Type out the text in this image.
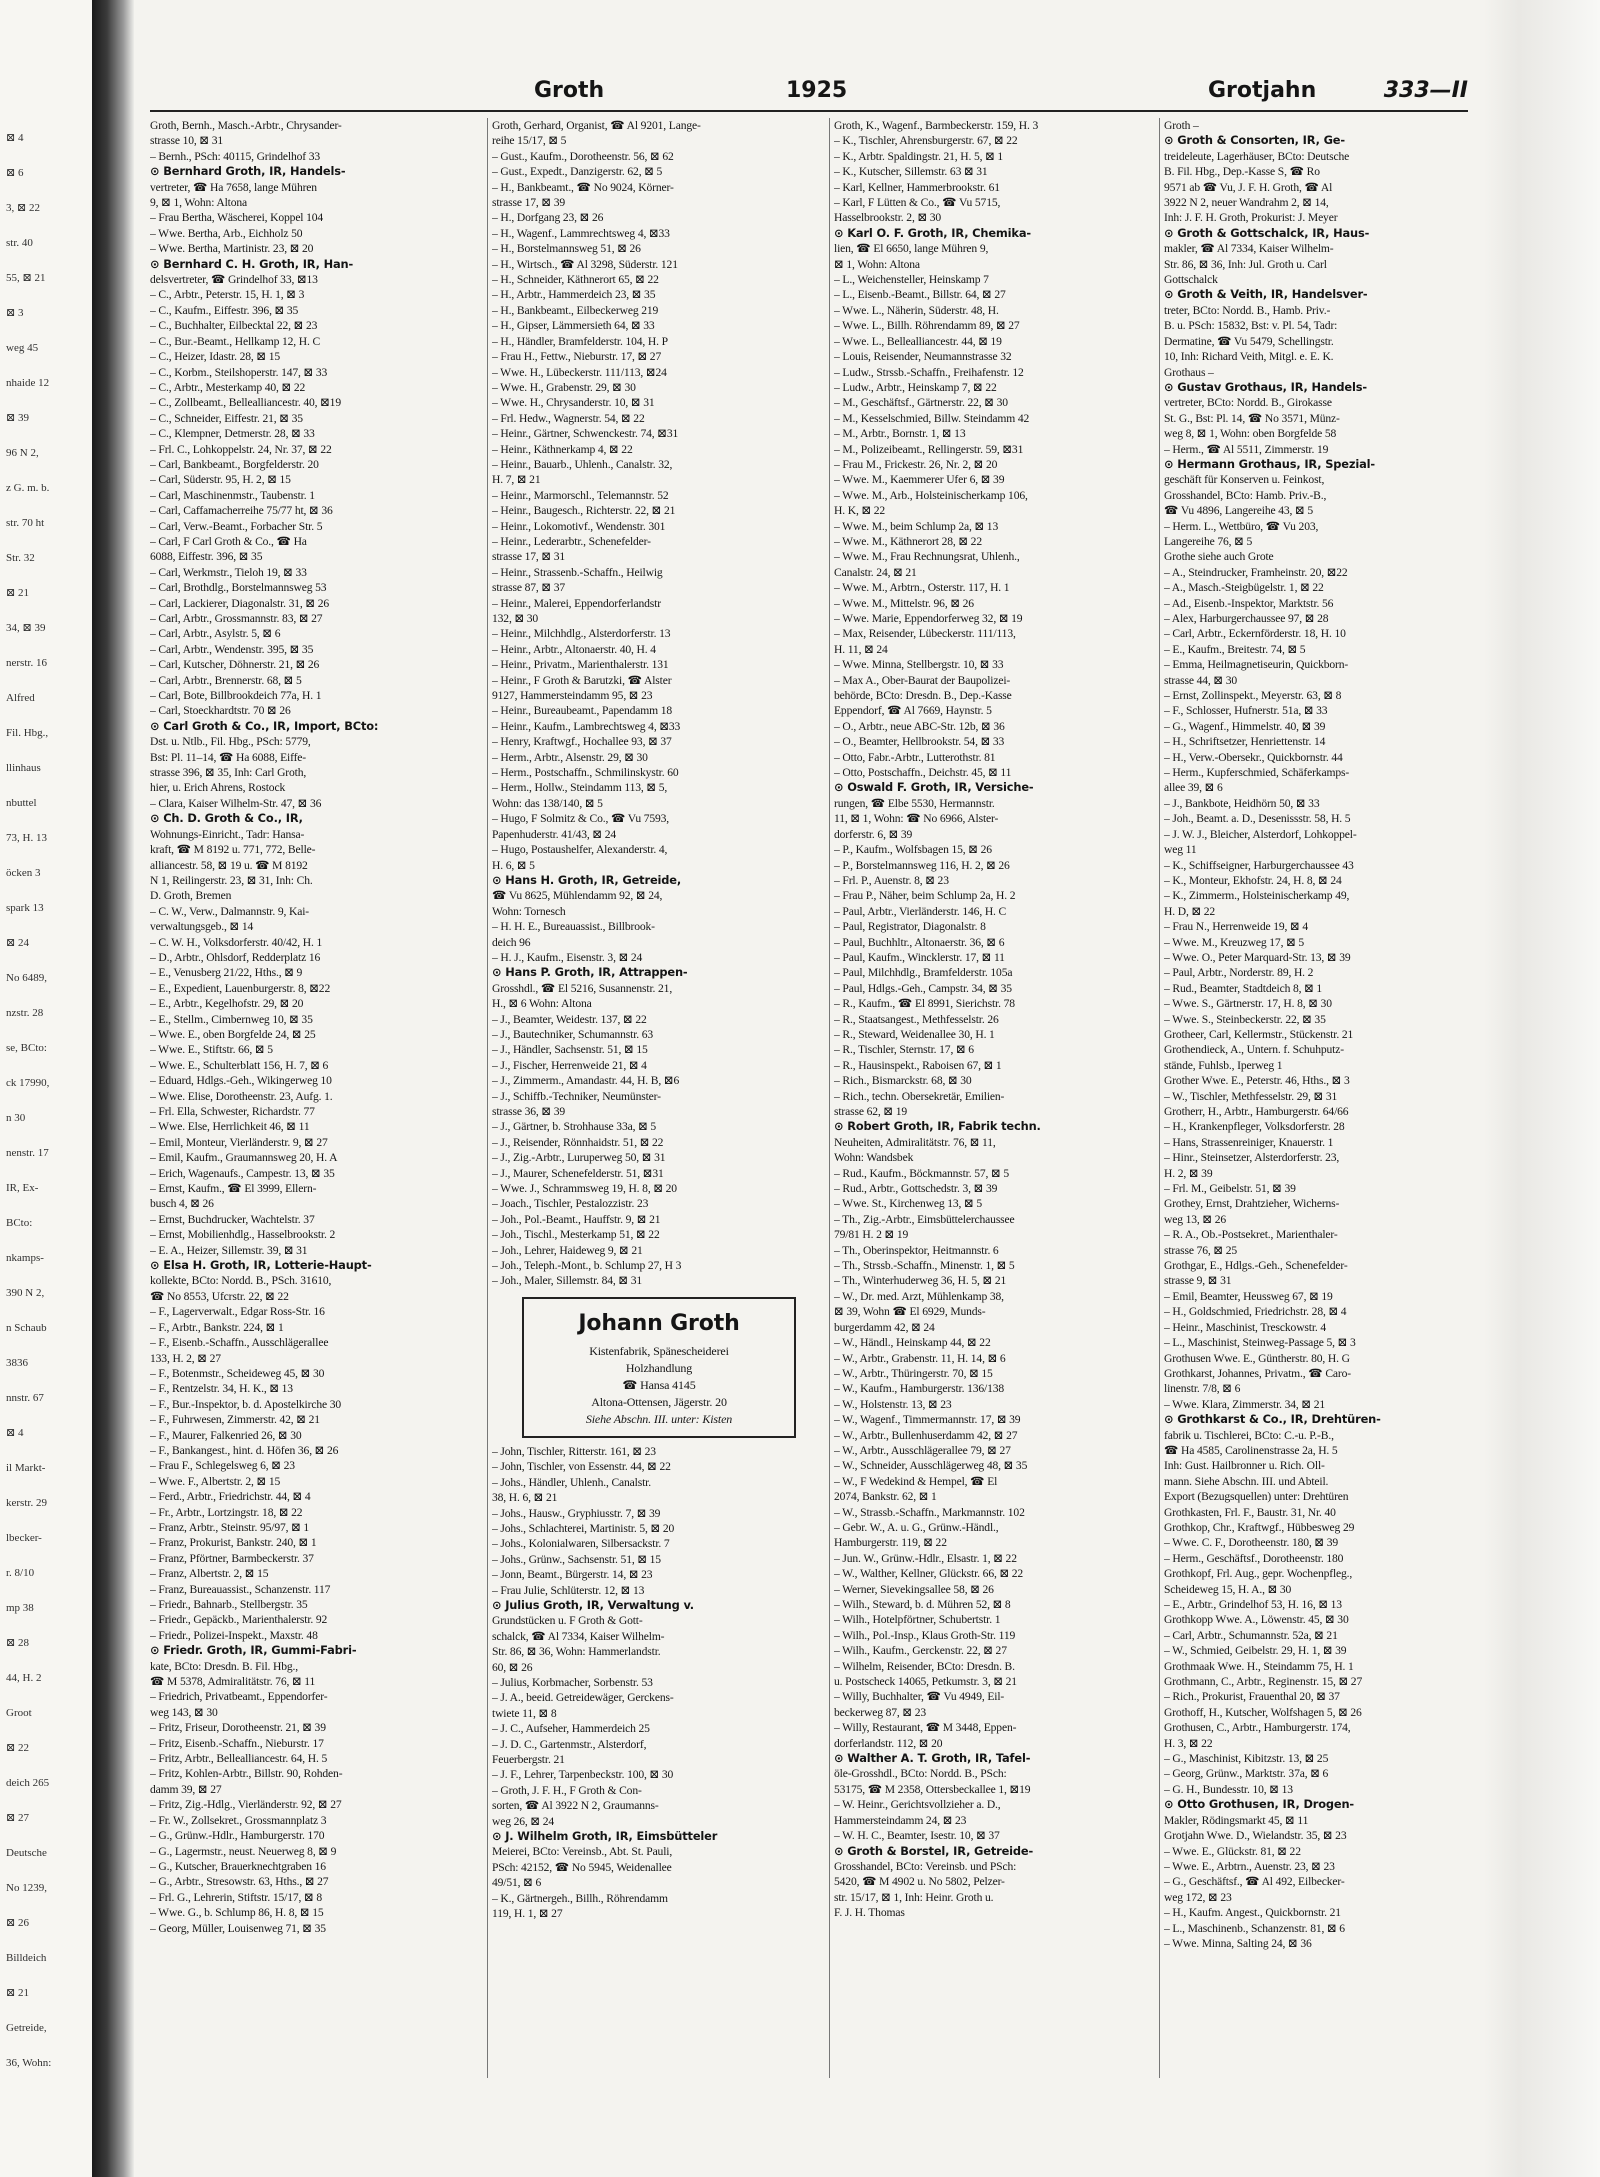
⊠ 4
⊠ 6
3, ⊠ 22
str. 40
55, ⊠ 21
⊠ 3
weg 45
nhaide 12
⊠ 39
96 N 2,
z G. m. b.
str. 70 ht
Str. 32
⊠ 21
34, ⊠ 39
nerstr. 16
Alfred
Fil. Hbg.,
llinhaus
nbuttel
73, H. 13
öcken 3
spark 13
⊠ 24
No 6489,
nzstr. 28
se, BCto:
ck 17990,
n 30
nenstr. 17
IR, Ex-
BCto:
nkamps-
390 N 2,
n Schaub
3836
nnstr. 67
⊠ 4
il Markt-
kerstr. 29
lbecker-
r. 8/10
mp 38
⊠ 28
44, H. 2
Groot
⊠ 22
deich 265
⊠ 27
Deutsche
No 1239,
⊠ 26
Billdeich
⊠ 21
Getreide,
36, Wohn:
Groth	1925	Grotjahn	333—II
Groth, Bernh., Masch.-Arbtr., Chrysander-
strasse 10, ⊠ 31
– Bernh., PSch: 40115, Grindelhof 33
⊙ Bernhard Groth, IR, Handels-
vertreter, ☎ Ha 7658, lange Mühren
9, ⊠ 1, Wohn: Altona
– Frau Bertha, Wäscherei, Koppel 104
– Wwe. Bertha, Arb., Eichholz 50
– Wwe. Bertha, Martinistr. 23, ⊠ 20
⊙ Bernhard C. H. Groth, IR, Han-
delsvertreter, ☎ Grindelhof 33, ⊠13
– C., Arbtr., Peterstr. 15, H. 1, ⊠ 3
– C., Kaufm., Eiffestr. 396, ⊠ 35
– C., Buchhalter, Eilbecktal 22, ⊠ 23
– C., Bur.-Beamt., Hellkamp 12, H. C
– C., Heizer, Idastr. 28, ⊠ 15
– C., Korbm., Steilshoperstr. 147, ⊠ 33
– C., Arbtr., Mesterkamp 40, ⊠ 22
– C., Zollbeamt., Bellealliancestr. 40, ⊠19
– C., Schneider, Eiffestr. 21, ⊠ 35
– C., Klempner, Detmerstr. 28, ⊠ 33
– Frl. C., Lohkoppelstr. 24, Nr. 37, ⊠ 22
– Carl, Bankbeamt., Borgfelderstr. 20
– Carl, Süderstr. 95, H. 2, ⊠ 15
– Carl, Maschinenmstr., Taubenstr. 1
– Carl, Caffamacherreihe 75/77 ht, ⊠ 36
– Carl, Verw.-Beamt., Forbacher Str. 5
– Carl, F Carl Groth & Co., ☎ Ha
6088, Eiffestr. 396, ⊠ 35
– Carl, Werkmstr., Tieloh 19, ⊠ 33
– Carl, Brothdlg., Borstelmannsweg 53
– Carl, Lackierer, Diagonalstr. 31, ⊠ 26
– Carl, Arbtr., Grossmannstr. 83, ⊠ 27
– Carl, Arbtr., Asylstr. 5, ⊠ 6
– Carl, Arbtr., Wendenstr. 395, ⊠ 35
– Carl, Kutscher, Döhnerstr. 21, ⊠ 26
– Carl, Arbtr., Brennerstr. 68, ⊠ 5
– Carl, Bote, Billbrookdeich 77a, H. 1
– Carl, Stoeckhardtstr. 70 ⊠ 26
⊙ Carl Groth & Co., IR, Import, BCto:
Dst. u. Ntlb., Fil. Hbg., PSch: 5779,
Bst: Pl. 11–14, ☎ Ha 6088, Eiffe-
strasse 396, ⊠ 35, Inh: Carl Groth,
hier, u. Erich Ahrens, Rostock
– Clara, Kaiser Wilhelm-Str. 47, ⊠ 36
⊙ Ch. D. Groth & Co., IR,
Wohnungs-Einricht., Tadr: Hansa-
kraft, ☎ M 8192 u. 771, 772, Belle-
alliancestr. 58, ⊠ 19 u. ☎ M 8192
N 1, Reilingerstr. 23, ⊠ 31, Inh: Ch.
D. Groth, Bremen
– C. W., Verw., Dalmannstr. 9, Kai-
verwaltungsgeb., ⊠ 14
– C. W. H., Volksdorferstr. 40/42, H. 1
– D., Arbtr., Ohlsdorf, Redderplatz 16
– E., Venusberg 21/22, Hths., ⊠ 9
– E., Expedient, Lauenburgerstr. 8, ⊠22
– E., Arbtr., Kegelhofstr. 29, ⊠ 20
– E., Stellm., Cimbernweg 10, ⊠ 35
– Wwe. E., oben Borgfelde 24, ⊠ 25
– Wwe. E., Stiftstr. 66, ⊠ 5
– Wwe. E., Schulterblatt 156, H. 7, ⊠ 6
– Eduard, Hdlgs.-Geh., Wikingerweg 10
– Wwe. Elise, Dorotheenstr. 23, Aufg. 1.
– Frl. Ella, Schwester, Richardstr. 77
– Wwe. Else, Herrlichkeit 46, ⊠ 11
– Emil, Monteur, Vierländerstr. 9, ⊠ 27
– Emil, Kaufm., Graumannsweg 20, H. A
– Erich, Wagenaufs., Campestr. 13, ⊠ 35
– Ernst, Kaufm., ☎ El 3999, Ellern-
busch 4, ⊠ 26
– Ernst, Buchdrucker, Wachtelstr. 37
– Ernst, Mobilienhdlg., Hasselbrookstr. 2
– E. A., Heizer, Sillemstr. 39, ⊠ 31
⊙ Elsa H. Groth, IR, Lotterie-Haupt-
kollekte, BCto: Nordd. B., PSch. 31610,
☎ No 8553, Ufcrstr. 22, ⊠ 22
– F., Lagerverwalt., Edgar Ross-Str. 16
– F., Arbtr., Bankstr. 224, ⊠ 1
– F., Eisenb.-Schaffn., Ausschlägerallee
133, H. 2, ⊠ 27
– F., Botenmstr., Scheideweg 45, ⊠ 30
– F., Rentzelstr. 34, H. K., ⊠ 13
– F., Bur.-Inspektor, b. d. Apostelkirche 30
– F., Fuhrwesen, Zimmerstr. 42, ⊠ 21
– F., Maurer, Falkenried 26, ⊠ 30
– F., Bankangest., hint. d. Höfen 36, ⊠ 26
– Frau F., Schlegelsweg 6, ⊠ 23
– Wwe. F., Albertstr. 2, ⊠ 15
– Ferd., Arbtr., Friedrichstr. 44, ⊠ 4
– Fr., Arbtr., Lortzingstr. 18, ⊠ 22
– Franz, Arbtr., Steinstr. 95/97, ⊠ 1
– Franz, Prokurist, Bankstr. 240, ⊠ 1
– Franz, Pförtner, Barmbeckerstr. 37
– Franz, Albertstr. 2, ⊠ 15
– Franz, Bureauassist., Schanzenstr. 117
– Friedr., Bahnarb., Stellbergstr. 35
– Friedr., Gepäckb., Marienthalerstr. 92
– Friedr., Polizei-Inspekt., Maxstr. 48
⊙ Friedr. Groth, IR, Gummi-Fabri-
kate, BCto: Dresdn. B. Fil. Hbg.,
☎ M 5378, Admiralitätstr. 76, ⊠ 11
– Friedrich, Privatbeamt., Eppendorfer-
weg 143, ⊠ 30
– Fritz, Friseur, Dorotheenstr. 21, ⊠ 39
– Fritz, Eisenb.-Schaffn., Nieburstr. 17
– Fritz, Arbtr., Bellealliancestr. 64, H. 5
– Fritz, Kohlen-Arbtr., Billstr. 90, Rohden-
damm 39, ⊠ 27
– Fritz, Zig.-Hdlg., Vierländerstr. 92, ⊠ 27
– Fr. W., Zollsekret., Grossmannplatz 3
– G., Grünw.-Hdlr., Hamburgerstr. 170
– G., Lagermstr., neust. Neuerweg 8, ⊠ 9
– G., Kutscher, Brauerknechtgraben 16
– G., Arbtr., Stresowstr. 63, Hths., ⊠ 27
– Frl. G., Lehrerin, Stiftstr. 15/17, ⊠ 8
– Wwe. G., b. Schlump 86, H. 8, ⊠ 15
– Georg, Müller, Louisenweg 71, ⊠ 35
Groth, Gerhard, Organist, ☎ Al 9201, Lange-
reihe 15/17, ⊠ 5
– Gust., Kaufm., Dorotheenstr. 56, ⊠ 62
– Gust., Expedt., Danzigerstr. 62, ⊠ 5
– H., Bankbeamt., ☎ No 9024, Körner-
strasse 17, ⊠ 39
– H., Dorfgang 23, ⊠ 26
– H., Wagenf., Lammrechtsweg 4, ⊠33
– H., Borstelmannsweg 51, ⊠ 26
– H., Wirtsch., ☎ Al 3298, Süderstr. 121
– H., Schneider, Käthnerort 65, ⊠ 22
– H., Arbtr., Hammerdeich 23, ⊠ 35
– H., Bankbeamt., Eilbeckerweg 219
– H., Gipser, Lämmersieth 64, ⊠ 33
– H., Händler, Bramfelderstr. 104, H. P
– Frau H., Fettw., Nieburstr. 17, ⊠ 27
– Wwe. H., Lübeckerstr. 111/113, ⊠24
– Wwe. H., Grabenstr. 29, ⊠ 30
– Wwe. H., Chrysanderstr. 10, ⊠ 31
– Frl. Hedw., Wagnerstr. 54, ⊠ 22
– Heinr., Gärtner, Schwenckestr. 74, ⊠31
– Heinr., Käthnerkamp 4, ⊠ 22
– Heinr., Bauarb., Uhlenh., Canalstr. 32,
H. 7, ⊠ 21
– Heinr., Marmorschl., Telemannstr. 52
– Heinr., Baugesch., Richterstr. 22, ⊠ 21
– Heinr., Lokomotivf., Wendenstr. 301
– Heinr., Lederarbtr., Schenefelder-
strasse 17, ⊠ 31
– Heinr., Strassenb.-Schaffn., Heilwig
strasse 87, ⊠ 37
– Heinr., Malerei, Eppendorferlandstr
132, ⊠ 30
– Heinr., Milchhdlg., Alsterdorferstr. 13
– Heinr., Arbtr., Altonaerstr. 40, H. 4
– Heinr., Privatm., Marienthalerstr. 131
– Heinr., F Groth & Barutzki, ☎ Alster
9127, Hammersteindamm 95, ⊠ 23
– Heinr., Bureaubeamt., Papendamm 18
– Heinr., Kaufm., Lambrechtsweg 4, ⊠33
– Henry, Kraftwgf., Hochallee 93, ⊠ 37
– Herm., Arbtr., Alsenstr. 29, ⊠ 30
– Herm., Postschaffn., Schmilinskystr. 60
– Herm., Hollw., Steindamm 113, ⊠ 5,
Wohn: das 138/140, ⊠ 5
– Hugo, F Solmitz & Co., ☎ Vu 7593,
Papenhuderstr. 41/43, ⊠ 24
– Hugo, Postaushelfer, Alexanderstr. 4,
H. 6, ⊠ 5
⊙ Hans H. Groth, IR, Getreide,
☎ Vu 8625, Mühlendamm 92, ⊠ 24,
Wohn: Tornesch
– H. H. E., Bureauassist., Billbrook-
deich 96
– H. J., Kaufm., Eisenstr. 3, ⊠ 24
⊙ Hans P. Groth, IR, Attrappen-
Grosshdl., ☎ El 5216, Susannenstr. 21,
H., ⊠ 6 Wohn: Altona
– J., Beamter, Weidestr. 137, ⊠ 22
– J., Bautechniker, Schumannstr. 63
– J., Händler, Sachsenstr. 51, ⊠ 15
– J., Fischer, Herrenweide 21, ⊠ 4
– J., Zimmerm., Amandastr. 44, H. B, ⊠6
– J., Schiffb.-Techniker, Neumünster-
strasse 36, ⊠ 39
– J., Gärtner, b. Strohhause 33a, ⊠ 5
– J., Reisender, Rönnhaidstr. 51, ⊠ 22
– J., Zig.-Arbtr., Luruperweg 50, ⊠ 31
– J., Maurer, Schenefelderstr. 51, ⊠31
– Wwe. J., Schrammsweg 19, H. 8, ⊠ 20
– Joach., Tischler, Pestalozzistr. 23
– Joh., Pol.-Beamt., Hauffstr. 9, ⊠ 21
– Joh., Tischl., Mesterkamp 51, ⊠ 22
– Joh., Lehrer, Haideweg 9, ⊠ 21
– Joh., Teleph.-Mont., b. Schlump 27, H 3
– Joh., Maler, Sillemstr. 84, ⊠ 31
Johann Groth
Kistenfabrik, Spänescheiderei
Holzhandlung
☎ Hansa 4145
Altona-Ottensen, Jägerstr. 20
Siehe Abschn. III. unter: Kisten
– John, Tischler, Ritterstr. 161, ⊠ 23
– John, Tischler, von Essenstr. 44, ⊠ 22
– Johs., Händler, Uhlenh., Canalstr.
38, H. 6, ⊠ 21
– Johs., Hausw., Gryphiusstr. 7, ⊠ 39
– Johs., Schlachterei, Martinistr. 5, ⊠ 20
– Johs., Kolonialwaren, Silbersackstr. 7
– Johs., Grünw., Sachsenstr. 51, ⊠ 15
– Jonn, Beamt., Bürgerstr. 14, ⊠ 23
– Frau Julie, Schlüterstr. 12, ⊠ 13
⊙ Julius Groth, IR, Verwaltung v.
Grundstücken u. F Groth & Gott-
schalck, ☎ Al 7334, Kaiser Wilhelm-
Str. 86, ⊠ 36, Wohn: Hammerlandstr.
60, ⊠ 26
– Julius, Korbmacher, Sorbenstr. 53
– J. A., beeid. Getreidewäger, Gerckens-
twiete 11, ⊠ 8
– J. C., Aufseher, Hammerdeich 25
– J. D. C., Gartenmstr., Alsterdorf,
Feuerbergstr. 21
– J. F., Lehrer, Tarpenbeckstr. 100, ⊠ 30
– Groth, J. F. H., F Groth & Con-
sorten, ☎ Al 3922 N 2, Graumanns-
weg 26, ⊠ 24
⊙ J. Wilhelm Groth, IR, Eimsbütteler
Meierei, BCto: Vereinsb., Abt. St. Pauli,
PSch: 42152, ☎ No 5945, Weidenallee
49/51, ⊠ 6
– K., Gärtnergeh., Billh., Röhrendamm
119, H. 1, ⊠ 27
Groth, K., Wagenf., Barmbeckerstr. 159, H. 3
– K., Tischler, Ahrensburgerstr. 67, ⊠ 22
– K., Arbtr. Spaldingstr. 21, H. 5, ⊠ 1
– K., Kutscher, Sillemstr. 63 ⊠ 31
– Karl, Kellner, Hammerbrookstr. 61
– Karl, F Lütten & Co., ☎ Vu 5715,
Hasselbrookstr. 2, ⊠ 30
⊙ Karl O. F. Groth, IR, Chemika-
lien, ☎ El 6650, lange Mühren 9,
⊠ 1, Wohn: Altona
– L., Weichensteller, Heinskamp 7
– L., Eisenb.-Beamt., Billstr. 64, ⊠ 27
– Wwe. L., Näherin, Süderstr. 48, H.
– Wwe. L., Billh. Röhrendamm 89, ⊠ 27
– Wwe. L., Bellealliancestr. 44, ⊠ 19
– Louis, Reisender, Neumannstrasse 32
– Ludw., Strssb.-Schaffn., Freihafenstr. 12
– Ludw., Arbtr., Heinskamp 7, ⊠ 22
– M., Geschäftsf., Gärtnerstr. 22, ⊠ 30
– M., Kesselschmied, Billw. Steindamm 42
– M., Arbtr., Bornstr. 1, ⊠ 13
– M., Polizeibeamt., Rellingerstr. 59, ⊠31
– Frau M., Frickestr. 26, Nr. 2, ⊠ 20
– Wwe. M., Kaemmerer Ufer 6, ⊠ 39
– Wwe. M., Arb., Holsteinischerkamp 106,
H. K, ⊠ 22
– Wwe. M., beim Schlump 2a, ⊠ 13
– Wwe. M., Käthnerort 28, ⊠ 22
– Wwe. M., Frau Rechnungsrat, Uhlenh.,
Canalstr. 24, ⊠ 21
– Wwe. M., Arbtrn., Osterstr. 117, H. 1
– Wwe. M., Mittelstr. 96, ⊠ 26
– Wwe. Marie, Eppendorferweg 32, ⊠ 19
– Max, Reisender, Lübeckerstr. 111/113,
H. 11, ⊠ 24
– Wwe. Minna, Stellbergstr. 10, ⊠ 33
– Max A., Ober-Baurat der Baupolizei-
behörde, BCto: Dresdn. B., Dep.-Kasse
Eppendorf, ☎ Al 7669, Haynstr. 5
– O., Arbtr., neue ABC-Str. 12b, ⊠ 36
– O., Beamter, Hellbrookstr. 54, ⊠ 33
– Otto, Fabr.-Arbtr., Lutterothstr. 81
– Otto, Postschaffn., Deichstr. 45, ⊠ 11
⊙ Oswald F. Groth, IR, Versiche-
rungen, ☎ Elbe 5530, Hermannstr.
11, ⊠ 1, Wohn: ☎ No 6966, Alster-
dorferstr. 6, ⊠ 39
– P., Kaufm., Wolfsbagen 15, ⊠ 26
– P., Borstelmannsweg 116, H. 2, ⊠ 26
– Frl. P., Auenstr. 8, ⊠ 23
– Frau P., Näher, beim Schlump 2a, H. 2
– Paul, Arbtr., Vierländerstr. 146, H. C
– Paul, Registrator, Diagonalstr. 8
– Paul, Buchhltr., Altonaerstr. 36, ⊠ 6
– Paul, Kaufm., Wincklerstr. 17, ⊠ 11
– Paul, Milchhdlg., Bramfelderstr. 105a
– Paul, Hdlgs.-Geh., Campstr. 34, ⊠ 35
– R., Kaufm., ☎ El 8991, Sierichstr. 78
– R., Staatsangest., Methfesselstr. 26
– R., Steward, Weidenallee 30, H. 1
– R., Tischler, Sternstr. 17, ⊠ 6
– R., Hausinspekt., Raboisen 67, ⊠ 1
– Rich., Bismarckstr. 68, ⊠ 30
– Rich., techn. Obersekretär, Emilien-
strasse 62, ⊠ 19
⊙ Robert Groth, IR, Fabrik techn.
Neuheiten, Admiralitätstr. 76, ⊠ 11,
Wohn: Wandsbek
– Rud., Kaufm., Böckmannstr. 57, ⊠ 5
– Rud., Arbtr., Gottschedstr. 3, ⊠ 39
– Wwe. St., Kirchenweg 13, ⊠ 5
– Th., Zig.-Arbtr., Eimsbüttelerchaussee
79/81 H. 2 ⊠ 19
– Th., Oberinspektor, Heitmannstr. 6
– Th., Strssb.-Schaffn., Minenstr. 1, ⊠ 5
– Th., Winterhuderweg 36, H. 5, ⊠ 21
– W., Dr. med. Arzt, Mühlenkamp 38,
⊠ 39, Wohn ☎ El 6929, Munds-
burgerdamm 42, ⊠ 24
– W., Händl., Heinskamp 44, ⊠ 22
– W., Arbtr., Grabenstr. 11, H. 14, ⊠ 6
– W., Arbtr., Thüringerstr. 70, ⊠ 15
– W., Kaufm., Hamburgerstr. 136/138
– W., Holstenstr. 13, ⊠ 23
– W., Wagenf., Timmermannstr. 17, ⊠ 39
– W., Arbtr., Bullenhuserdamm 42, ⊠ 27
– W., Arbtr., Ausschlägerallee 79, ⊠ 27
– W., Schneider, Ausschlägerweg 48, ⊠ 35
– W., F Wedekind & Hempel, ☎ El
2074, Bankstr. 62, ⊠ 1
– W., Strassb.-Schaffn., Markmannstr. 102
– Gebr. W., A. u. G., Grünw.-Händl.,
Hamburgerstr. 119, ⊠ 22
– Jun. W., Grünw.-Hdlr., Elsastr. 1, ⊠ 22
– W., Walther, Kellner, Glückstr. 66, ⊠ 22
– Werner, Sievekingsallee 58, ⊠ 26
– Wilh., Steward, b. d. Mühren 52, ⊠ 8
– Wilh., Hotelpförtner, Schubertstr. 1
– Wilh., Pol.-Insp., Klaus Groth-Str. 119
– Wilh., Kaufm., Gerckenstr. 22, ⊠ 27
– Wilhelm, Reisender, BCto: Dresdn. B.
u. Postscheck 14065, Petkumstr. 3, ⊠ 21
– Willy, Buchhalter, ☎ Vu 4949, Eil-
beckerweg 87, ⊠ 23
– Willy, Restaurant, ☎ M 3448, Eppen-
dorferlandstr. 112, ⊠ 20
⊙ Walther A. T. Groth, IR, Tafel-
öle-Grosshdl., BCto: Nordd. B., PSch:
53175, ☎ M 2358, Ottersbeckallee 1, ⊠19
– W. Heinr., Gerichtsvollzieher a. D.,
Hammersteindamm 24, ⊠ 23
– W. H. C., Beamter, Isestr. 10, ⊠ 37
⊙ Groth & Borstel, IR, Getreide-
Grosshandel, BCto: Vereinsb. und PSch:
5420, ☎ M 4902 u. No 5802, Pelzer-
str. 15/17, ⊠ 1, Inh: Heinr. Groth u.
F. J. H. Thomas
Groth –
⊙ Groth & Consorten, IR, Ge-
treideleute, Lagerhäuser, BCto: Deutsche
B. Fil. Hbg., Dep.-Kasse S, ☎ Ro
9571 ab ☎ Vu, J. F. H. Groth, ☎ Al
3922 N 2, neuer Wandrahm 2, ⊠ 14,
Inh: J. F. H. Groth, Prokurist: J. Meyer
⊙ Groth & Gottschalck, IR, Haus-
makler, ☎ Al 7334, Kaiser Wilhelm-
Str. 86, ⊠ 36, Inh: Jul. Groth u. Carl
Gottschalck
⊙ Groth & Veith, IR, Handelsver-
treter, BCto: Nordd. B., Hamb. Priv.-
B. u. PSch: 15832, Bst: v. Pl. 54, Tadr:
Dermatine, ☎ Vu 5479, Schellingstr.
10, Inh: Richard Veith, Mitgl. e. E. K.
Grothaus –
⊙ Gustav Grothaus, IR, Handels-
vertreter, BCto: Nordd. B., Girokasse
St. G., Bst: Pl. 14, ☎ No 3571, Münz-
weg 8, ⊠ 1, Wohn: oben Borgfelde 58
– Herm., ☎ Al 5511, Zimmerstr. 19
⊙ Hermann Grothaus, IR, Spezial-
geschäft für Konserven u. Feinkost,
Grosshandel, BCto: Hamb. Priv.-B.,
☎ Vu 4896, Langereihe 43, ⊠ 5
– Herm. L., Wettbüro, ☎ Vu 203,
Langereihe 76, ⊠ 5
Grothe siehe auch Grote
– A., Steindrucker, Framheinstr. 20, ⊠22
– A., Masch.-Steigbügelstr. 1, ⊠ 22
– Ad., Eisenb.-Inspektor, Marktstr. 56
– Alex, Harburgerchaussee 97, ⊠ 28
– Carl, Arbtr., Eckernförderstr. 18, H. 10
– E., Kaufm., Breitestr. 74, ⊠ 5
– Emma, Heilmagnetiseurin, Quickborn-
strasse 44, ⊠ 30
– Ernst, Zollinspekt., Meyerstr. 63, ⊠ 8
– F., Schlosser, Hufnerstr. 51a, ⊠ 33
– G., Wagenf., Himmelstr. 40, ⊠ 39
– H., Schriftsetzer, Henriettenstr. 14
– H., Verw.-Obersekr., Quickbornstr. 44
– Herm., Kupferschmied, Schäferkamps-
allee 39, ⊠ 6
– J., Bankbote, Heidhörn 50, ⊠ 33
– Joh., Beamt. a. D., Desenissstr. 58, H. 5
– J. W. J., Bleicher, Alsterdorf, Lohkoppel-
weg 11
– K., Schiffseigner, Harburgerchaussee 43
– K., Monteur, Ekhofstr. 24, H. 8, ⊠ 24
– K., Zimmerm., Holsteinischerkamp 49,
H. D, ⊠ 22
– Frau N., Herrenweide 19, ⊠ 4
– Wwe. M., Kreuzweg 17, ⊠ 5
– Wwe. O., Peter Marquard-Str. 13, ⊠ 39
– Paul, Arbtr., Norderstr. 89, H. 2
– Rud., Beamter, Stadtdeich 8, ⊠ 1
– Wwe. S., Gärtnerstr. 17, H. 8, ⊠ 30
– Wwe. S., Steinbeckerstr. 22, ⊠ 35
Grotheer, Carl, Kellermstr., Stückenstr. 21
Grothendieck, A., Untern. f. Schuhputz-
stände, Fuhlsb., Iperweg 1
Grother Wwe. E., Peterstr. 46, Hths., ⊠ 3
– W., Tischler, Methfesselstr. 29, ⊠ 31
Grotherr, H., Arbtr., Hamburgerstr. 64/66
– H., Krankenpfleger, Volksdorferstr. 28
– Hans, Strassenreiniger, Knauerstr. 1
– Hinr., Steinsetzer, Alsterdorferstr. 23,
H. 2, ⊠ 39
– Frl. M., Geibelstr. 51, ⊠ 39
Grothey, Ernst, Drahtzieher, Wicherns-
weg 13, ⊠ 26
– R. A., Ob.-Postsekret., Marienthaler-
strasse 76, ⊠ 25
Grothgar, E., Hdlgs.-Geh., Schenefelder-
strasse 9, ⊠ 31
– Emil, Beamter, Heussweg 67, ⊠ 19
– H., Goldschmied, Friedrichstr. 28, ⊠ 4
– Heinr., Maschinist, Tresckowstr. 4
– L., Maschinist, Steinweg-Passage 5, ⊠ 3
Grothusen Wwe. E., Güntherstr. 80, H. G
Grothkarst, Johannes, Privatm., ☎ Caro-
linenstr. 7/8, ⊠ 6
– Wwe. Klara, Zimmerstr. 34, ⊠ 21
⊙ Grothkarst & Co., IR, Drehtüren-
fabrik u. Tischlerei, BCto: C.-u. P.-B.,
☎ Ha 4585, Carolinenstrasse 2a, H. 5
Inh: Gust. Hailbronner u. Rich. Oll-
mann. Siehe Abschn. III. und Abteil.
Export (Bezugsquellen) unter: Drehtüren
Grothkasten, Frl. F., Baustr. 31, Nr. 40
Grothkop, Chr., Kraftwgf., Hübbesweg 29
– Wwe. C. F., Dorotheenstr. 180, ⊠ 39
– Herm., Geschäftsf., Dorotheenstr. 180
Grothkopf, Frl. Aug., gepr. Wochenpfleg.,
Scheideweg 15, H. A., ⊠ 30
– E., Arbtr., Grindelhof 53, H. 16, ⊠ 13
Grothkopp Wwe. A., Löwenstr. 45, ⊠ 30
– Carl, Arbtr., Schumannstr. 52a, ⊠ 21
– W., Schmied, Geibelstr. 29, H. 1, ⊠ 39
Grothmaak Wwe. H., Steindamm 75, H. 1
Grothmann, C., Arbtr., Reginenstr. 15, ⊠ 27
– Rich., Prokurist, Frauenthal 20, ⊠ 37
Grothoff, H., Kutscher, Wolfshagen 5, ⊠ 26
Grothusen, C., Arbtr., Hamburgerstr. 174,
H. 3, ⊠ 22
– G., Maschinist, Kibitzstr. 13, ⊠ 25
– Georg, Grünw., Marktstr. 37a, ⊠ 6
– G. H., Bundesstr. 10, ⊠ 13
⊙ Otto Grothusen, IR, Drogen-
Makler, Rödingsmarkt 45, ⊠ 11
Grotjahn Wwe. D., Wielandstr. 35, ⊠ 23
– Wwe. E., Glückstr. 81, ⊠ 22
– Wwe. E., Arbtrn., Auenstr. 23, ⊠ 23
– G., Geschäftsf., ☎ Al 492, Eilbecker-
weg 172, ⊠ 23
– H., Kaufm. Angest., Quickbornstr. 21
– L., Maschinenb., Schanzenstr. 81, ⊠ 6
– Wwe. Minna, Salting 24, ⊠ 36
